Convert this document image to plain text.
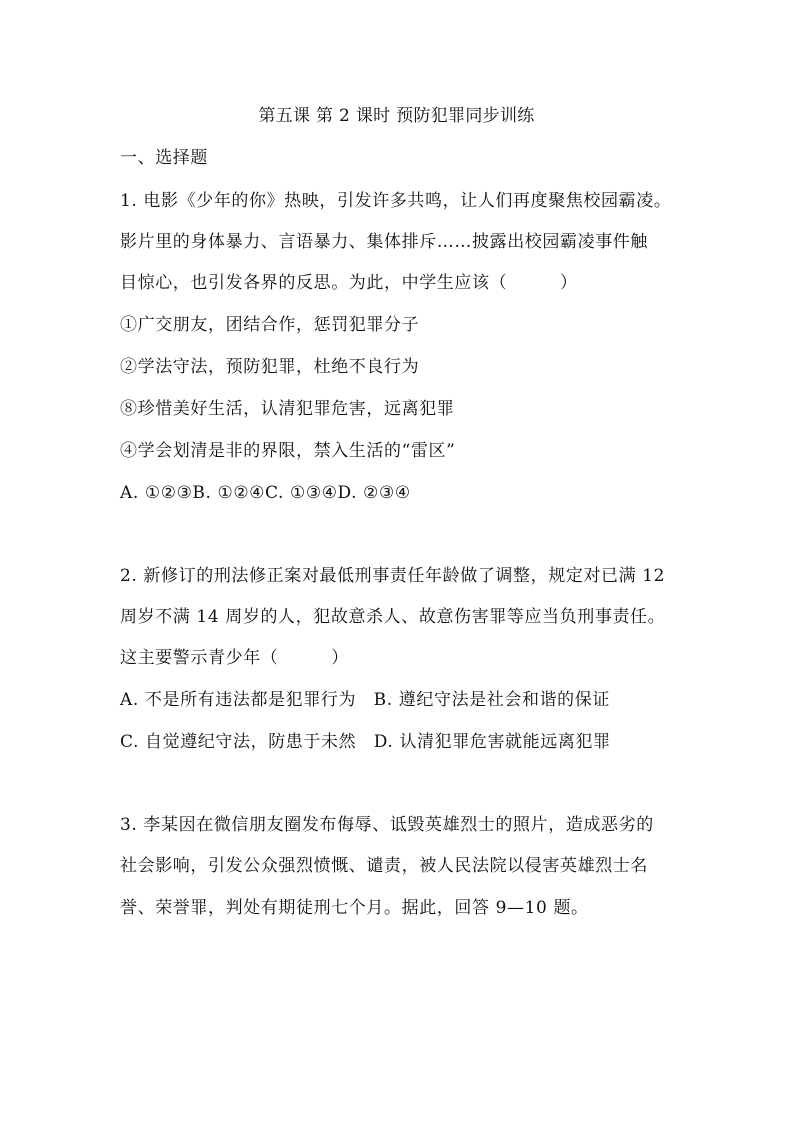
第五课 第 2 课时 预防犯罪同步训练
一、选择题
1. 电影《少年的你》热映，引发许多共鸣，让人们再度聚焦校园霸凌。
影片里的身体暴力、言语暴力、集体排斥……披露出校园霸凌事件触
目惊心，也引发各界的反思。为此，中学生应该（　　　）
①广交朋友，团结合作，惩罚犯罪分子
②学法守法，预防犯罪，杜绝不良行为
⑧珍惜美好生活，认清犯罪危害，远离犯罪
④学会划清是非的界限，禁入生活的“雷区”
A. ①②③B. ①②④C. ①③④D. ②③④
2. 新修订的刑法修正案对最低刑事责任年龄做了调整，规定对已满 12
周岁不满 14 周岁的人，犯故意杀人、故意伤害罪等应当负刑事责任。
这主要警示青少年（　　　）
A. 不是所有违法都是犯罪行为　B. 遵纪守法是社会和谐的保证
C. 自觉遵纪守法，防患于未然　D. 认清犯罪危害就能远离犯罪
3. 李某因在微信朋友圈发布侮辱、诋毁英雄烈士的照片，造成恶劣的
社会影响，引发公众强烈愤慨、谴责，被人民法院以侵害英雄烈士名
誉、荣誉罪，判处有期徒刑七个月。据此，回答 9—10 题。
